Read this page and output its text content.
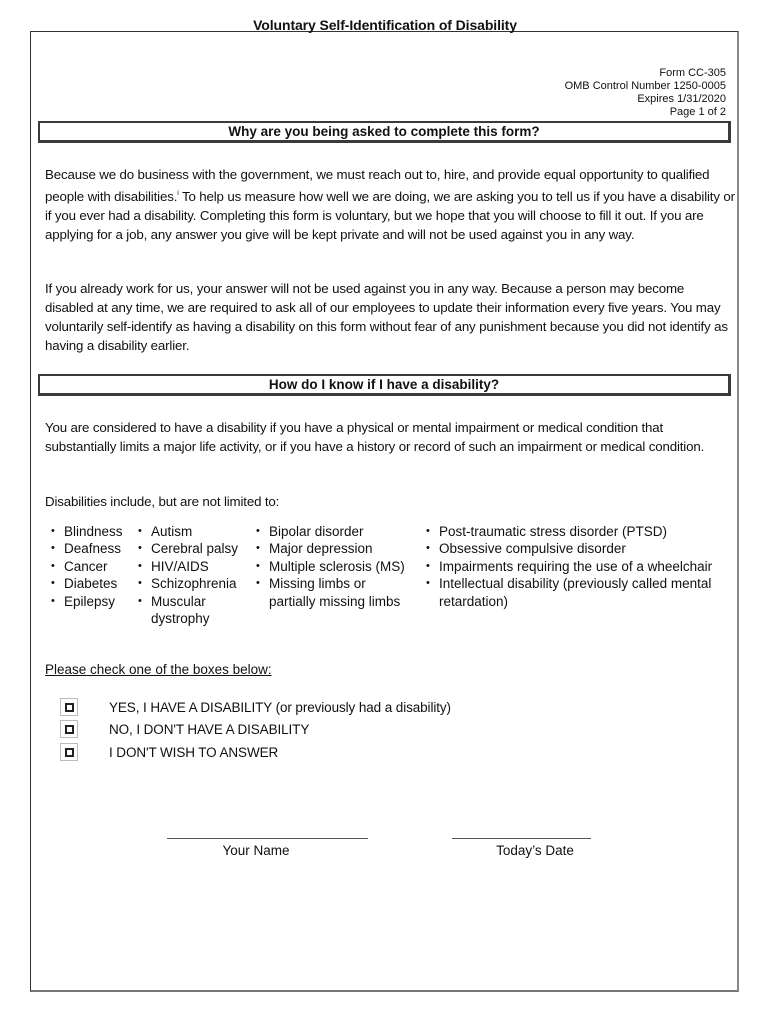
Voluntary Self-Identification of Disability
Form CC-305
OMB Control Number 1250-0005
Expires 1/31/2020
Page 1 of 2
Why are you being asked to complete this form?
Because we do business with the government, we must reach out to, hire, and provide equal opportunity to qualified people with disabilities.$^i$ To help us measure how well we are doing, we are asking you to tell us if you have a disability or if you ever had a disability. Completing this form is voluntary, but we hope that you will choose to fill it out. If you are applying for a job, any answer you give will be kept private and will not be used against you in any way.
If you already work for us, your answer will not be used against you in any way. Because a person may become disabled at any time, we are required to ask all of our employees to update their information every five years. You may voluntarily self-identify as having a disability on this form without fear of any punishment because you did not identify as having a disability earlier.
How do I know if I have a disability?
You are considered to have a disability if you have a physical or mental impairment or medical condition that substantially limits a major life activity, or if you have a history or record of such an impairment or medical condition.
Disabilities include, but are not limited to:
• Blindness
• Deafness
• Cancer
• Diabetes
• Epilepsy
• Autism
• Cerebral palsy
• HIV/AIDS
• Schizophrenia
• Muscular dystrophy
• Bipolar disorder
• Major depression
• Multiple sclerosis (MS)
• Missing limbs or partially missing limbs
• Post-traumatic stress disorder (PTSD)
• Obsessive compulsive disorder
• Impairments requiring the use of a wheelchair
• Intellectual disability (previously called mental retardation)
Please check one of the boxes below:
YES, I HAVE A DISABILITY (or previously had a disability)
NO, I DON'T HAVE A DISABILITY
I DON'T WISH TO ANSWER
Your Name	Today’s Date
